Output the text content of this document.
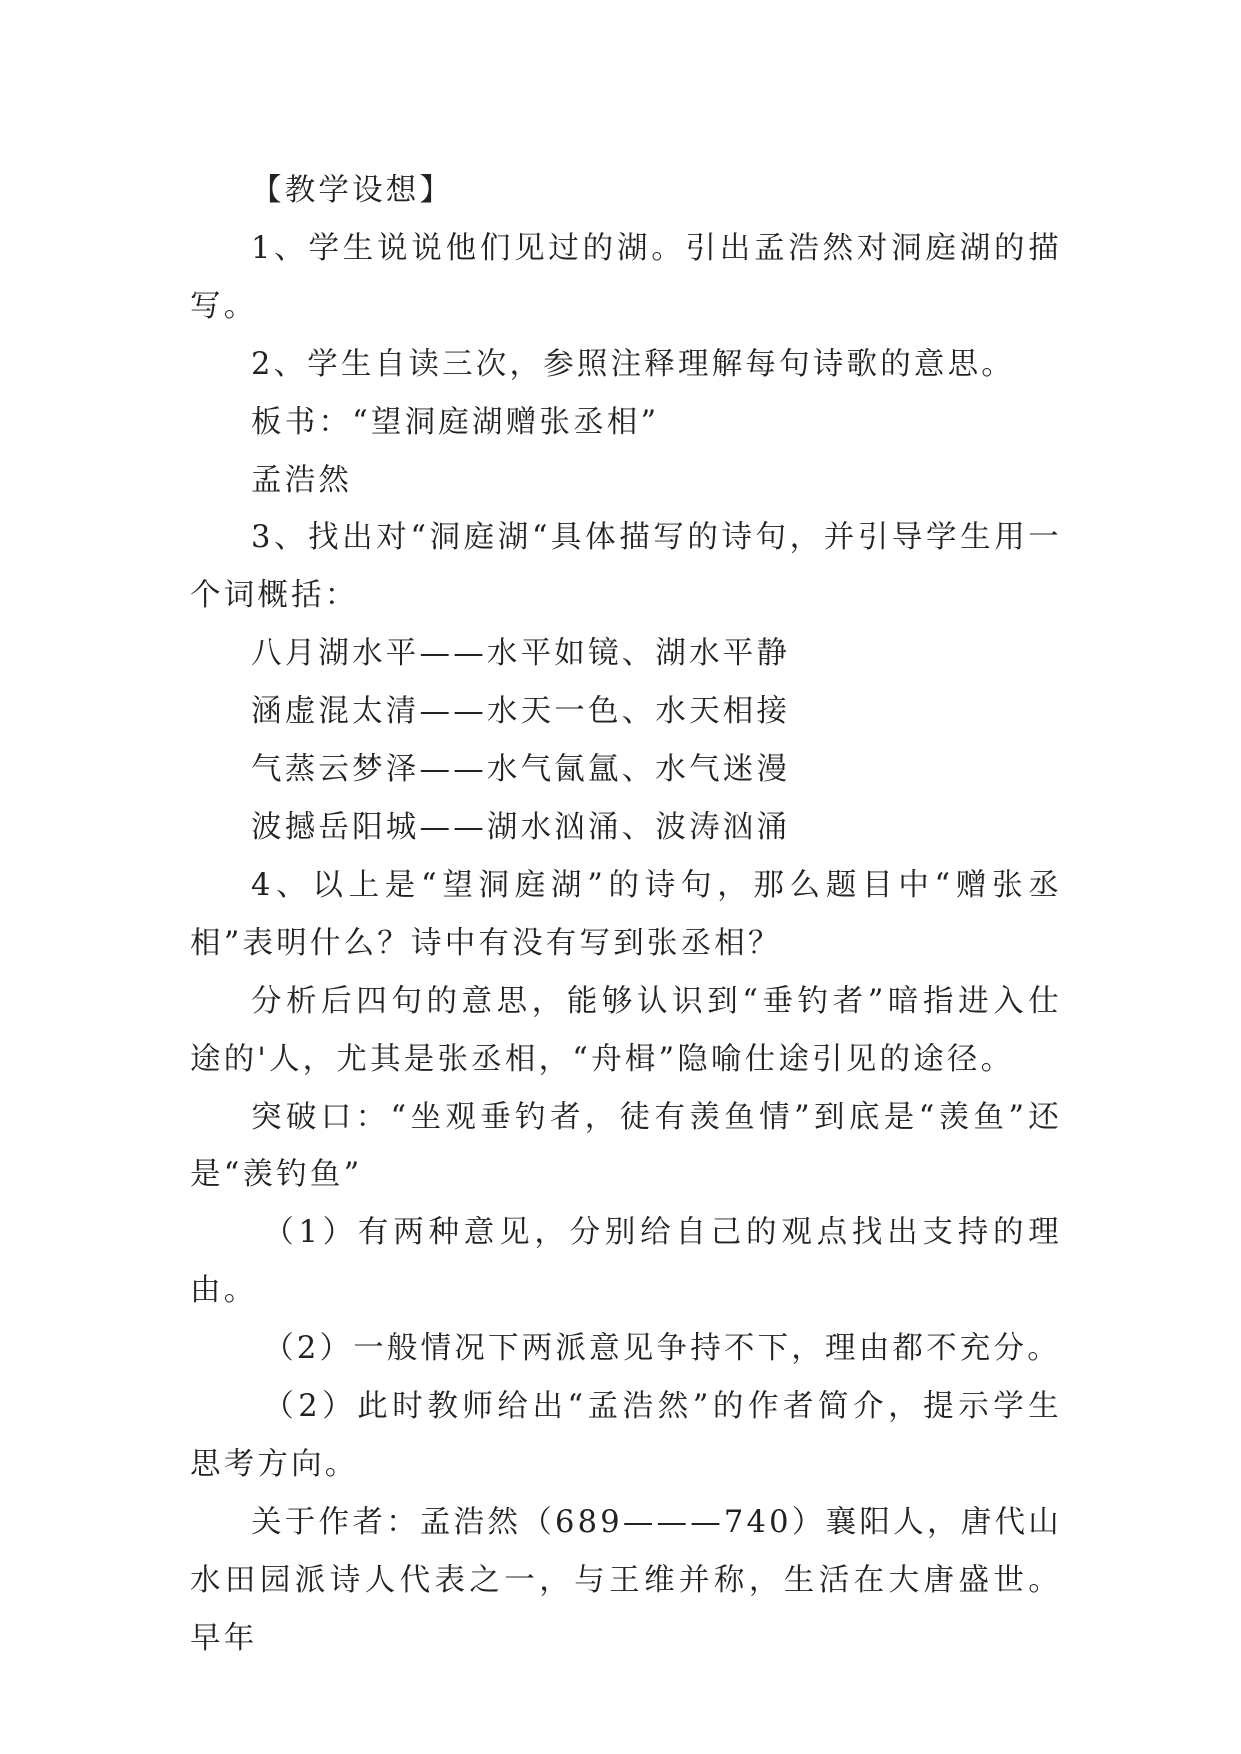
【教学设想】

1、学生说说他们见过的湖。引出孟浩然对洞庭湖的描写。

2、学生自读三次，参照注释理解每句诗歌的意思。

板书：“望洞庭湖赠张丞相”

孟浩然

3、找出对“洞庭湖“具体描写的诗句，并引导学生用一个词概括：

八月湖水平——水平如镜、湖水平静

涵虚混太清——水天一色、水天相接

气蒸云梦泽——水气氤氲、水气迷漫

波撼岳阳城——湖水汹涌、波涛汹涌

4、以上是“望洞庭湖”的诗句，那么题目中“赠张丞相”表明什么？诗中有没有写到张丞相？

分析后四句的意思，能够认识到“垂钓者”暗指进入仕途的'人，尤其是张丞相，“舟楫”隐喻仕途引见的途径。

突破口：“坐观垂钓者，徒有羡鱼情”到底是“羡鱼”还是“羡钓鱼”

（1）有两种意见，分别给自己的观点找出支持的理由。

（2）一般情况下两派意见争持不下，理由都不充分。

（2）此时教师给出“孟浩然”的作者简介，提示学生思考方向。

关于作者：孟浩然（689———740）襄阳人，唐代山水田园派诗人代表之一，与王维并称，生活在大唐盛世。早年
